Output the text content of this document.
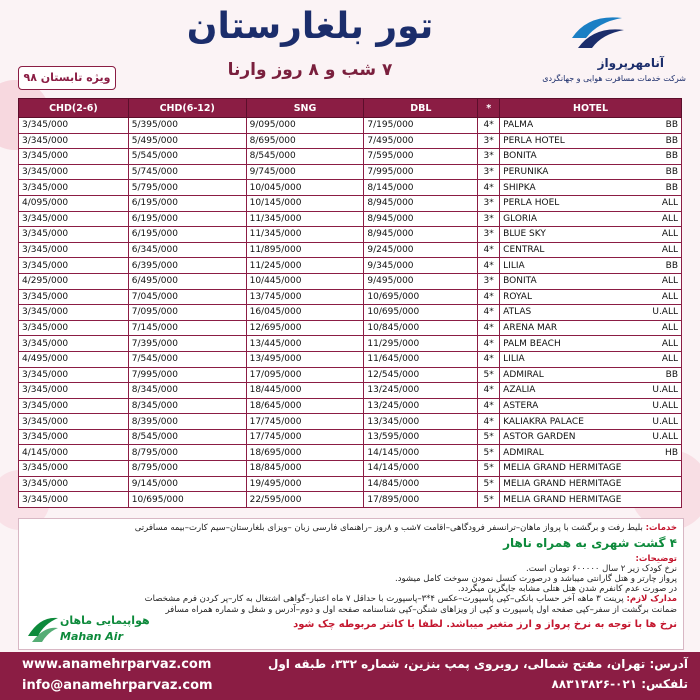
آنامهرپرواز
شرکت خدمات مسافرت هوایی و جهانگردی
تور بلغارستان
۷ شب و ۸ روز وارنا
ویژه تابستان ۹۸
CHD(2-6)	CHD(6-12)	SNG	DBL	*	HOTEL
3/345/000	5/395/000	9/095/000	7/195/000	4*	PALMA BB

3/345/000	5/495/000	8/695/000	7/495/000	3*	PERLA HOTEL BB

3/345/000	5/545/000	8/545/000	7/595/000	3*	BONITA BB

3/345/000	5/745/000	9/745/000	7/995/000	3*	PERUNIKA BB

3/345/000	5/795/000	10/045/000	8/145/000	4*	SHIPKA BB

4/095/000	6/195/000	10/145/000	8/945/000	3*	PERLA HOEL ALL

3/345/000	6/195/000	11/345/000	8/945/000	3*	GLORIA ALL

3/345/000	6/195/000	11/345/000	8/945/000	3*	BLUE SKY ALL

3/345/000	6/345/000	11/895/000	9/245/000	4*	CENTRAL ALL

3/345/000	6/395/000	11/245/000	9/345/000	4*	LILIA BB

4/295/000	6/495/000	10/445/000	9/495/000	3*	BONITA ALL

3/345/000	7/045/000	13/745/000	10/695/000	4*	ROYAL ALL

3/345/000	7/095/000	16/045/000	10/695/000	4*	ATLAS U.ALL

3/345/000	7/145/000	12/695/000	10/845/000	4*	ARENA MAR ALL

3/345/000	7/395/000	13/445/000	11/295/000	4*	PALM BEACH ALL

4/495/000	7/545/000	13/495/000	11/645/000	4*	LILIA ALL

3/345/000	7/995/000	17/095/000	12/545/000	5*	ADMIRAL BB

3/345/000	8/345/000	18/445/000	13/245/000	4*	AZALIA U.ALL

3/345/000	8/345/000	18/645/000	13/245/000	4*	ASTERA U.ALL

3/345/000	8/395/000	17/745/000	13/345/000	4*	KALIAKRA PALACE U.ALL

3/345/000	8/545/000	17/745/000	13/595/000	5*	ASTOR GARDEN U.ALL

4/145/000	8/795/000	18/695/000	14/145/000	5*	ADMIRAL HB

3/345/000	8/795/000	18/845/000	14/145/000	5*	MELIA GRAND HERMITAGE

3/345/000	9/145/000	19/495/000	14/845/000	5*	MELIA GRAND HERMITAGE

3/345/000	10/695/000	22/595/000	17/895/000	5*	MELIA GRAND HERMITAGE
خدمات: بلیط رفت و برگشت با پرواز ماهان–ترانسفر فرودگاهی–اقامت ۷شب و ۸روز –راهنمای فارسی زبان –ویزای بلغارستان–سیم کارت–بیمه مسافرتی
۴ گشت شهری به همراه ناهار
توضیحات:
نرخ کودک زیر ۲ سال ۶۰۰۰۰۰ تومان است.
پرواز چارتر و هتل گارانتی میباشد و درصورت کنسل نمودن سوخت کامل میشود.
در صورت عدم کانفرم شدن هتل هتلی مشابه جایگزین میگردد.
مدارک لازم: پرینت ۳ ماهه آخر حساب بانکی–کپی پاسپورت–عکس ۴*۳–پاسپورت با حداقل ۷ ماه اعتبار–گواهی اشتغال به کار–پر کردن فرم مشخصات
ضمانت برگشت از سفر–کپی صفحه اول پاسپورت و کپی از ویزاهای شنگن–کپی شناسنامه صفحه اول و دوم–آدرس و شغل و شماره همراه مسافر
نرخ ها با توجه به نرخ پرواز و ارز متغیر میباشد. لطفا با کانتر مربوطه چک شود
هواپیمایی ماهان
Mahan Air
www.anamehrparvaz.com
info@anamehrparvaz.com
آدرس: تهران، مفتح شمالی، روبروی پمپ بنزین، شماره ۳۳۲، طبقه اول
تلفکس: ۰۲۱-۸۸۳۱۳۸۲۶
